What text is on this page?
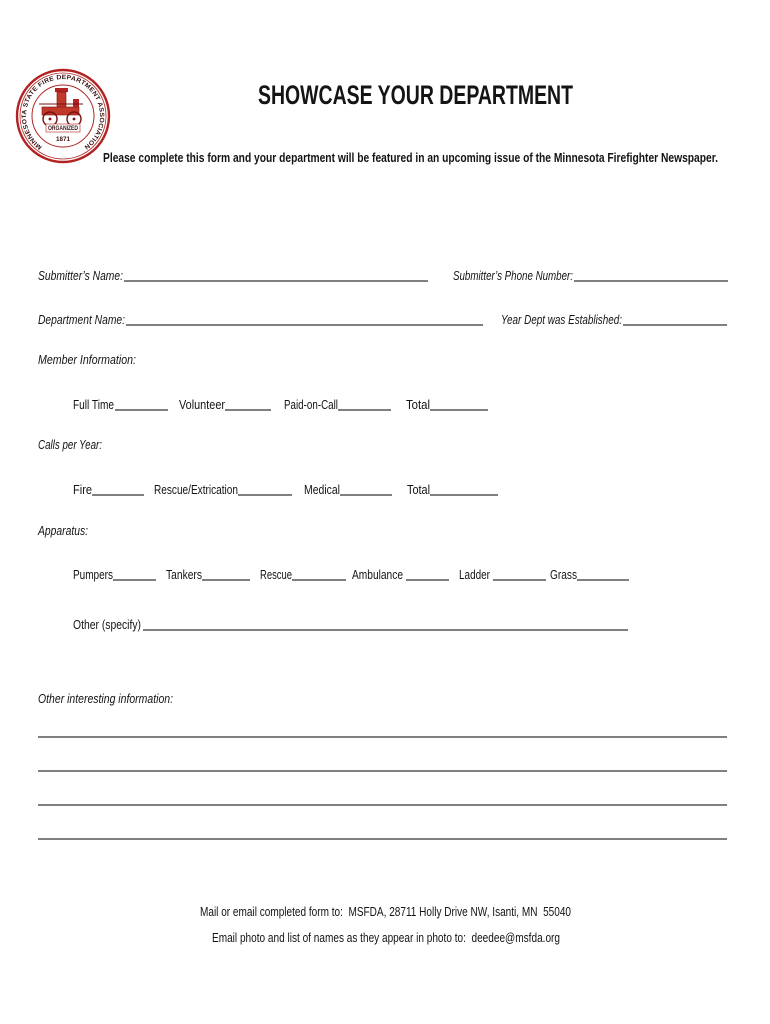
MINNESOTA STATE FIRE DEPARTMENT ASSOCIATION
ORGANIZED
1871
SHOWCASE YOUR DEPARTMENT
Please complete this form and your department will be featured in an upcoming issue of the Minnesota Firefighter Newspaper.
Submitter’s Name:	Submitter’s Phone Number:
Department Name:	Year Dept was Established:
Member Information:
Full Time	Volunteer	Paid-on-Call	Total
Calls per Year:
Fire	Rescue/Extrication	Medical	Total
Apparatus:
Pumpers	Tankers	Rescue	Ambulance	Ladder	Grass
Other (specify)
Other interesting information:
Mail or email completed form to:  MSFDA, 28711 Holly Drive NW, Isanti, MN  55040
Email photo and list of names as they appear in photo to:  deedee@msfda.org
